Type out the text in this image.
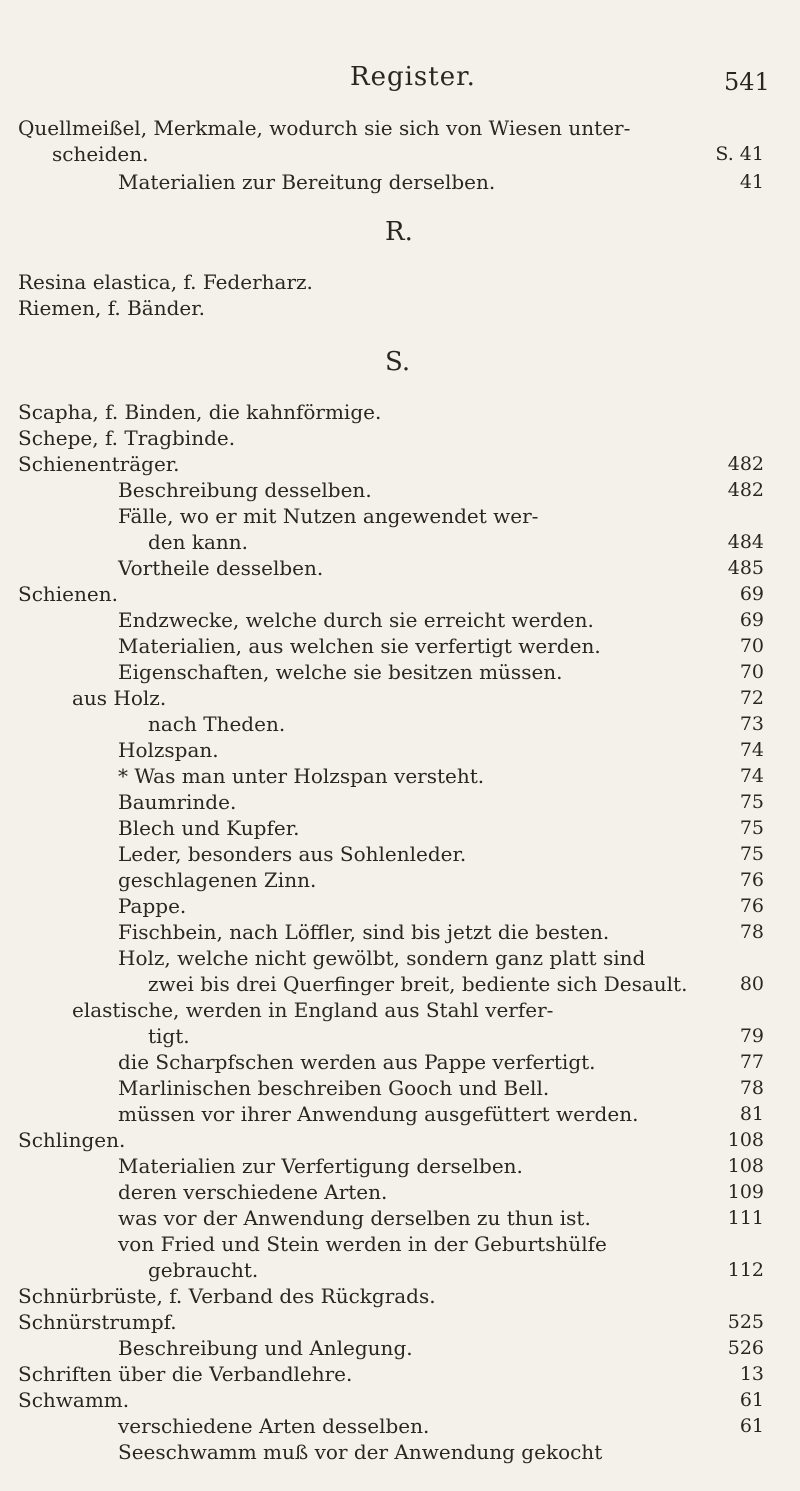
Register.	541
Quellmeißel, Merkmale, wodurch sie sich von Wiesen unter-
scheiden.	S. 41
Materialien zur Bereitung derselben.	41
R.
Resina elastica, f. Federharz.
Riemen, f. Bänder.
S.
Scapha, f. Binden, die kahnförmige.
Schepe, f. Tragbinde.
Schienenträger.	482
Beschreibung desselben.	482
Fälle, wo er mit Nutzen angewendet wer-
den kann.	484
Vortheile desselben.	485
Schienen.	69
Endzwecke, welche durch sie erreicht werden.	69
Materialien, aus welchen sie verfertigt werden.	70
Eigenschaften, welche sie besitzen müssen.	70
aus Holz.	72
nach Theden.	73
Holzspan.	74
* Was man unter Holzspan versteht.	74
Baumrinde.	75
Blech und Kupfer.	75
Leder, besonders aus Sohlenleder.	75
geschlagenen Zinn.	76
Pappe.	76
Fischbein, nach Löffler, sind bis jetzt die besten.	78
Holz, welche nicht gewölbt, sondern ganz platt sind
zwei bis drei Querfinger breit, bediente sich Desault.	80
elastische, werden in England aus Stahl verfer-
tigt.	79
die Scharpfschen werden aus Pappe verfertigt.	77
Marlinischen beschreiben Gooch und Bell.	78
müssen vor ihrer Anwendung ausgefüttert werden.	81
Schlingen.	108
Materialien zur Verfertigung derselben.	108
deren verschiedene Arten.	109
was vor der Anwendung derselben zu thun ist.	111
von Fried und Stein werden in der Geburtshülfe
gebraucht.	112
Schnürbrüste, f. Verband des Rückgrads.
Schnürstrumpf.	525
Beschreibung und Anlegung.	526
Schriften über die Verbandlehre.	13
Schwamm.	61
verschiedene Arten desselben.	61
Seeschwamm muß vor der Anwendung gekocht
